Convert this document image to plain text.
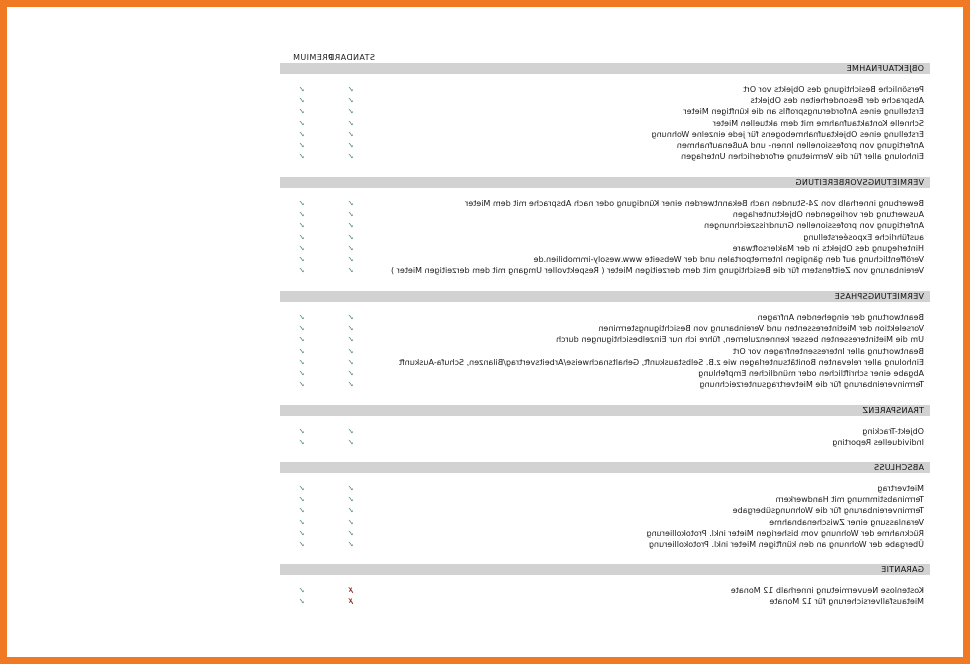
STANDARD
PREMIUM
OBJEKTAUFNAHME
Persönliche Besichtigung des Objekts vor Ort
✓
✓
Absprache der Besonderheiten des Objekts
✓
✓
Erstellung eines Anforderungsprofils an die künftigen Mieter
✓
✓
Schnelle Kontaktaufnahme mit dem aktuellen Mieter
✓
✓
Erstellung eines Objektaufnahmebogens für jede einzelne Wohnung
✓
✓
Anfertigung von professionellen Innen- und Außenaufnahmen
✓
✓
Einholung aller für die Vermietung erforderlichen Unterlagen
✓
✓
VERMIETUNGSVORBEREITUNG
Bewerbung innerhalb von 24-Stunden nach Bekanntwerden einer Kündigung oder nach Absprache mit dem Mieter
✓
✓
Auswertung der vorliegenden Objektunterlagen
✓
✓
Anfertigung von professionellen Grundrisszeichnungen
✓
✓
ausführliche Exposéerstellung
✓
✓
Hinterlegung des Objekts in der Maklersoftware
✓
✓
Veröffentlichung auf den gängigen Internetportalen und der Webseite www.wesoly-immobilien.de
✓
✓
Vereinbarung von Zeitfenstern für die Besichtigung mit dem derzeitigen Mieter ( Respektvoller Umgang mit dem derzeitigen Mieter )
✓
✓
VERMIETUNGSPHASE
Beantwortung der eingehenden Anfragen
✓
✓
Vorselektion der Mietinteressenten und Vereinbarung von Besichtigungsterminen
✓
✓
Um die Mietinteressenten besser kennenzulernen, führe ich nur Einzelbesichtigungen durch
✓
✓
Beantwortung aller Interessentenfragen vor Ort
✓
✓
Einholung aller relevanten Bonitätsunterlagen wie z.B. Selbstauskunft, Gehaltsnachweise/Arbeitsvertrag/Bilanzen, Schufa-Auskunft
✓
✓
Abgabe einer schriftlichen oder mündlichen Empfehlung
✓
✓
Terminvereinbarung für die Mietvertragsunterzeichnung
✓
✓
TRANSPARENZ
Objekt-Tracking
✓
✓
Individuelles Reporting
✓
✓
ABSCHLUSS
Mietvertrag
✓
✓
Terminabstimmung mit Handwerkern
✓
✓
Terminvereinbarung für die Wohnungsübergabe
✓
✓
Veranlassung einer Zwischenabnahme
✓
✓
Rücknahme der Wohnung vom bisherigen Mieter inkl. Protokollierung
✓
✓
Übergabe der Wohnung an den künftigen Mieter inkl. Protokollierung
✓
✓
GARANTIE
Kostenlose Neuvermietung innerhalb 12 Monate
✗
✓
Mietausfallversicherung für 12 Monate
✗
✓
